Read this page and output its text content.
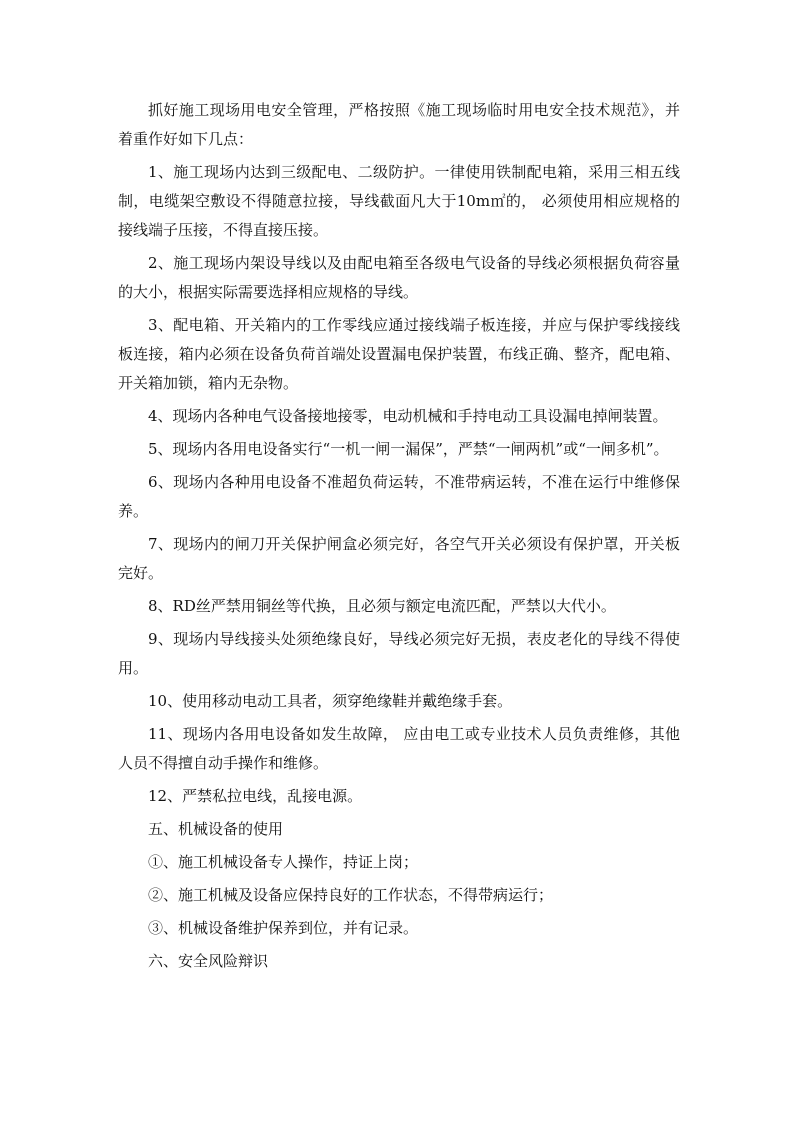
抓好施工现场用电安全管理，严格按照《施工现场临时用电安全技术规范》，并着重作好如下几点：

1、施工现场内达到三级配电、二级防护。一律使用铁制配电箱，采用三相五线制，电缆架空敷设不得随意拉接，导线截面凡大于10m㎡的， 必须使用相应规格的接线端子压接，不得直接压接。

2、施工现场内架设导线以及由配电箱至各级电气设备的导线必须根据负荷容量的大小，根据实际需要选择相应规格的导线。

3、配电箱、开关箱内的工作零线应通过接线端子板连接，并应与保护零线接线板连接，箱内必须在设备负荷首端处设置漏电保护装置，布线正确、整齐，配电箱、开关箱加锁，箱内无杂物。

4、现场内各种电气设备接地接零，电动机械和手持电动工具设漏电掉闸装置。

5、现场内各用电设备实行“一机一闸一漏保”，严禁“一闸两机”或“一闸多机”。

6、现场内各种用电设备不准超负荷运转，不准带病运转，不准在运行中维修保养。

7、现场内的闸刀开关保护闸盒必须完好，各空气开关必须设有保护罩，开关板完好。

8、RD丝严禁用铜丝等代换，且必须与额定电流匹配，严禁以大代小。

9、现场内导线接头处须绝缘良好，导线必须完好无损，表皮老化的导线不得使用。

10、使用移动电动工具者，须穿绝缘鞋并戴绝缘手套。

11、现场内各用电设备如发生故障， 应由电工或专业技术人员负责维修，其他人员不得擅自动手操作和维修。

12、严禁私拉电线，乱接电源。

五、机械设备的使用

①、施工机械设备专人操作，持证上岗；

②、施工机械及设备应保持良好的工作状态，不得带病运行；

③、机械设备维护保养到位，并有记录。

六、安全风险辩识
